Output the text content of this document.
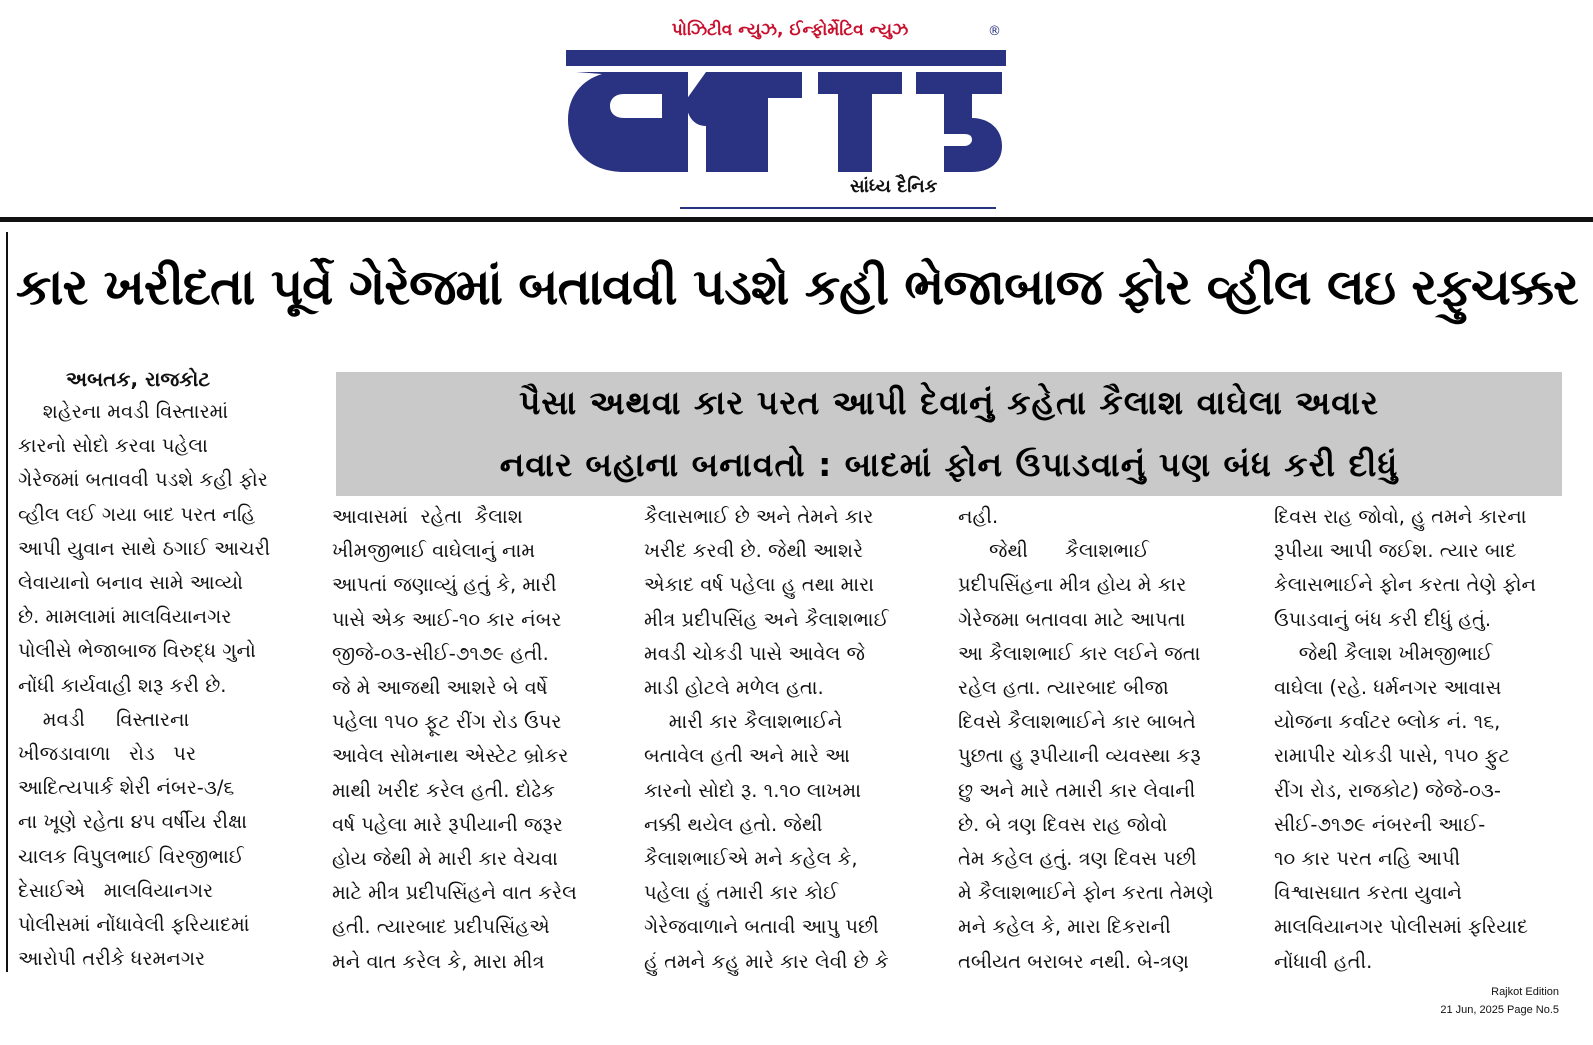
પોઝિટીવ ન્યુઝ, ઈન્ફોર્મેટિવ ન્યુઝ	®
સાંધ્ય દૈનિક
કાર ખરીદતા પૂર્વે ગેરેજમાં બતાવવી પડશે કહી ભેજાબાજ ફોર વ્હીલ લઇ રફુચક્કર
અબતક, રાજકોટ
પૈસા અથવા કાર પરત આપી દેવાનું કહેતા કૈલાશ વાઘેલા અવાર
નવાર બહાના બનાવતો : બાદમાં ફોન ઉપાડવાનું પણ બંધ કરી દીધું

શહેરના મવડી વિસ્તારમાં

કારનો સોદો કરવા પહેલા

ગેરેજમાં બતાવવી પડશે કહી ફોર

વ્હીલ લઈ ગયા બાદ પરત નહિ

આપી યુવાન સાથે ઠગાઈ આચરી

લેવાયાનો બનાવ સામે આવ્યો

છે. મામલામાં માલવિયાનગર

પોલીસે ભેજાબાજ વિરુદ્ધ ગુનો

નોંધી કાર્યવાહી શરૂ કરી છે.

મવડી     વિસ્તારના

ખીજડાવાળા   રોડ   પર

આદિત્યપાર્ક શેરી નંબર-૩/૬

ના ખૂણે રહેતા ૪૫ વર્ષીય રીક્ષા

ચાલક વિપુલભાઈ વિરજીભાઈ

દેસાઈએ   માલવિયાનગર

પોલીસમાં નોંધાવેલી ફરિયાદમાં

આરોપી તરીકે ધરમનગર

આવાસમાં  રહેતા  કૈલાશ

ખીમજીભાઈ વાઘેલાનું નામ

આપતાં જણાવ્યું હતું કે, મારી

પાસે એક આઈ-૧૦ કાર નંબર

જીજે-૦૩-સીઈ-૭૧૭૯ હતી.

જે મે આજથી આશરે બે વર્ષે

પહેલા ૧૫૦ ફૂટ રીંગ રોડ ઉપર

આવેલ સોમનાથ એસ્ટેટ બ્રોકર

માથી ખરીદ કરેલ હતી. દોઢેક

વર્ષ પહેલા મારે રૂપીયાની જરૂર

હોય જેથી મે મારી કાર વેચવા

માટે મીત્ર પ્રદીપસિંહને વાત કરેલ

હતી. ત્યારબાદ પ્રદીપસિંહએ

મને વાત કરેલ કે, મારા મીત્ર

કૈલાસભાઈ છે અને તેમને કાર

ખરીદ કરવી છે. જેથી આશરે

એકાદ વર્ષ પહેલા હુ તથા મારા

મીત્ર પ્રદીપસિંહ અને કૈલાશભાઈ

મવડી ચોકડી પાસે આવેલ જે

માડી હોટલે મળેલ હતા.

મારી કાર કૈલાશભાઈને

બતાવેલ હતી અને મારે આ

કારનો સોદો રૂ. ૧.૧૦ લાખમા

નક્કી થયેલ હતો. જેથી

કૈલાશભાઈએ મને કહેલ કે,

પહેલા હું તમારી કાર કોઈ

ગેરેજવાળાને બતાવી આપુ પછી

હું તમને કહુ મારે કાર લેવી છે કે

નહી.

જેથી      કૈલાશભાઈ

પ્રદીપસિંહના મીત્ર હોય મે કાર

ગેરેજમા બતાવવા માટે આપતા

આ કૈલાશભાઈ કાર લઈને જતા

રહેલ હતા. ત્યારબાદ બીજા

દિવસે કૈલાશભાઈને કાર બાબતે

પુછતા હુ રૂપીયાની વ્યવસ્થા કરૂ

છુ અને મારે તમારી કાર લેવાની

છે. બે ત્રણ દિવસ રાહ જોવો

તેમ કહેલ હતું. ત્રણ દિવસ પછી

મે કૈલાશભાઈને ફોન કરતા તેમણે

મને કહેલ કે, મારા દિકરાની

તબીયત બરાબર નથી. બે-ત્રણ

દિવસ રાહ જોવો, હુ તમને કારના

રૂપીયા આપી જઈશ. ત્યાર બાદ

કેલાસભાઈને ફોન કરતા તેણે ફોન

ઉપાડવાનું બંધ કરી દીધું હતું.

જેથી કૈલાશ ખીમજીભાઈ

વાઘેલા (રહે. ધર્મનગર આવાસ

યોજના કર્વાટર બ્લોક નં. ૧૬,

રામાપીર ચોકડી પાસે, ૧૫૦ ફુટ

રીંગ રોડ, રાજકોટ) જેજે-૦૩-

સીઈ-૭૧૭૯ નંબરની આઈ-

૧૦ કાર પરત નહિ આપી

વિશ્વાસઘાત કરતા યુવાને

માલવિયાનગર પોલીસમાં ફરિયાદ

નોંધાવી હતી.

Rajkot Edition
21 Jun, 2025 Page No.5
